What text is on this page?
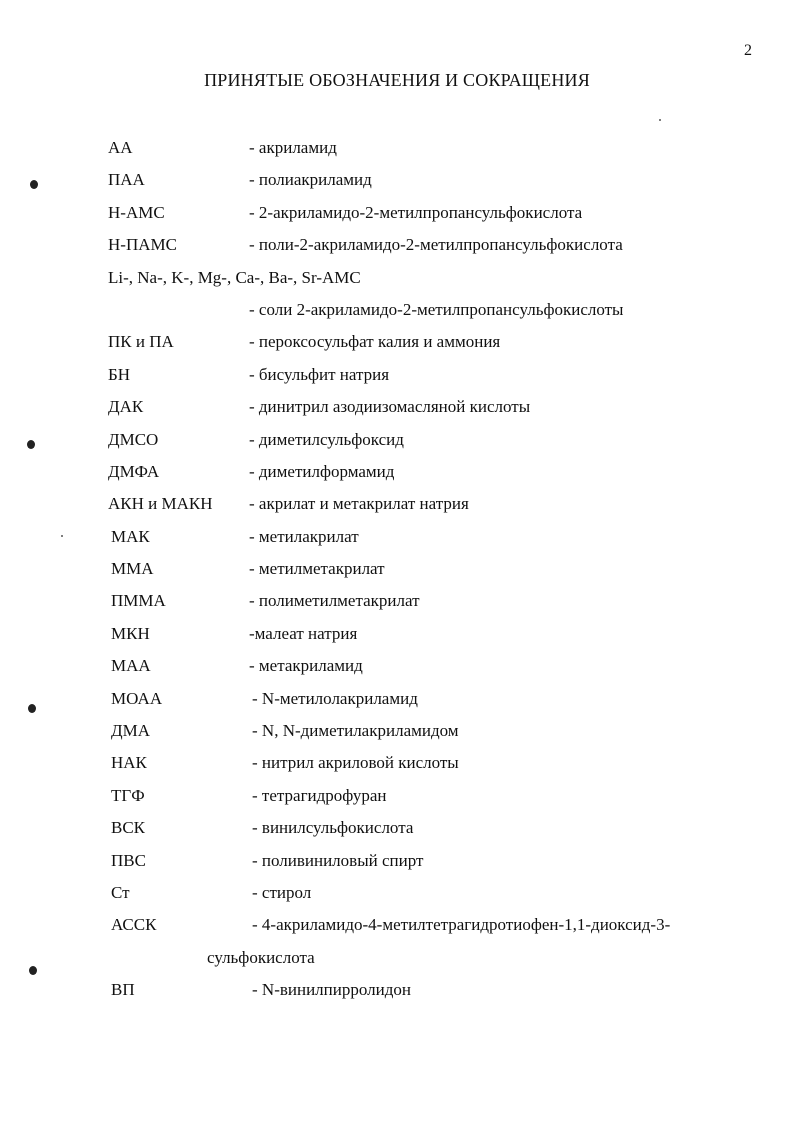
2
ПРИНЯТЫЕ ОБОЗНАЧЕНИЯ И СОКРАЩЕНИЯ
АА	- акриламид
ПАА	- полиакриламид
Н-АМС	- 2-акриламидо-2-метилпропансульфокислота
Н-ПАМС	- поли-2-акриламидо-2-метилпропансульфокислота
Li-, Na-, K-, Mg-, Ca-, Ba-, Sr-АМС
- соли 2-акриламидо-2-метилпропансульфокислоты
ПК и ПА	- пероксосульфат калия и аммония
БН	- бисульфит натрия
ДАК	- динитрил азодиизомасляной кислоты
ДМСО	- диметилсульфоксид
ДМФА	- диметилформамид
АКН и МАКН - акрилат и метакрилат натрия
МАК	- метилакрилат
ММА	- метилметакрилат
ПММА	- полиметилметакрилат
МКН	-малеат натрия
МАА	- метакриламид
МОАА	- N-метилолакриламид
ДМА	- N, N-диметилакриламидом
НАК	- нитрил акриловой кислоты
ТГФ	- тетрагидрофуран
ВСК	- винилсульфокислота
ПВС	- поливиниловый спирт
Ст	- стирол
АССК	- 4-акриламидо-4-метилтетрагидротиофен-1,1-диоксид-3-
сульфокислота
ВП	- N-винилпирролидон
